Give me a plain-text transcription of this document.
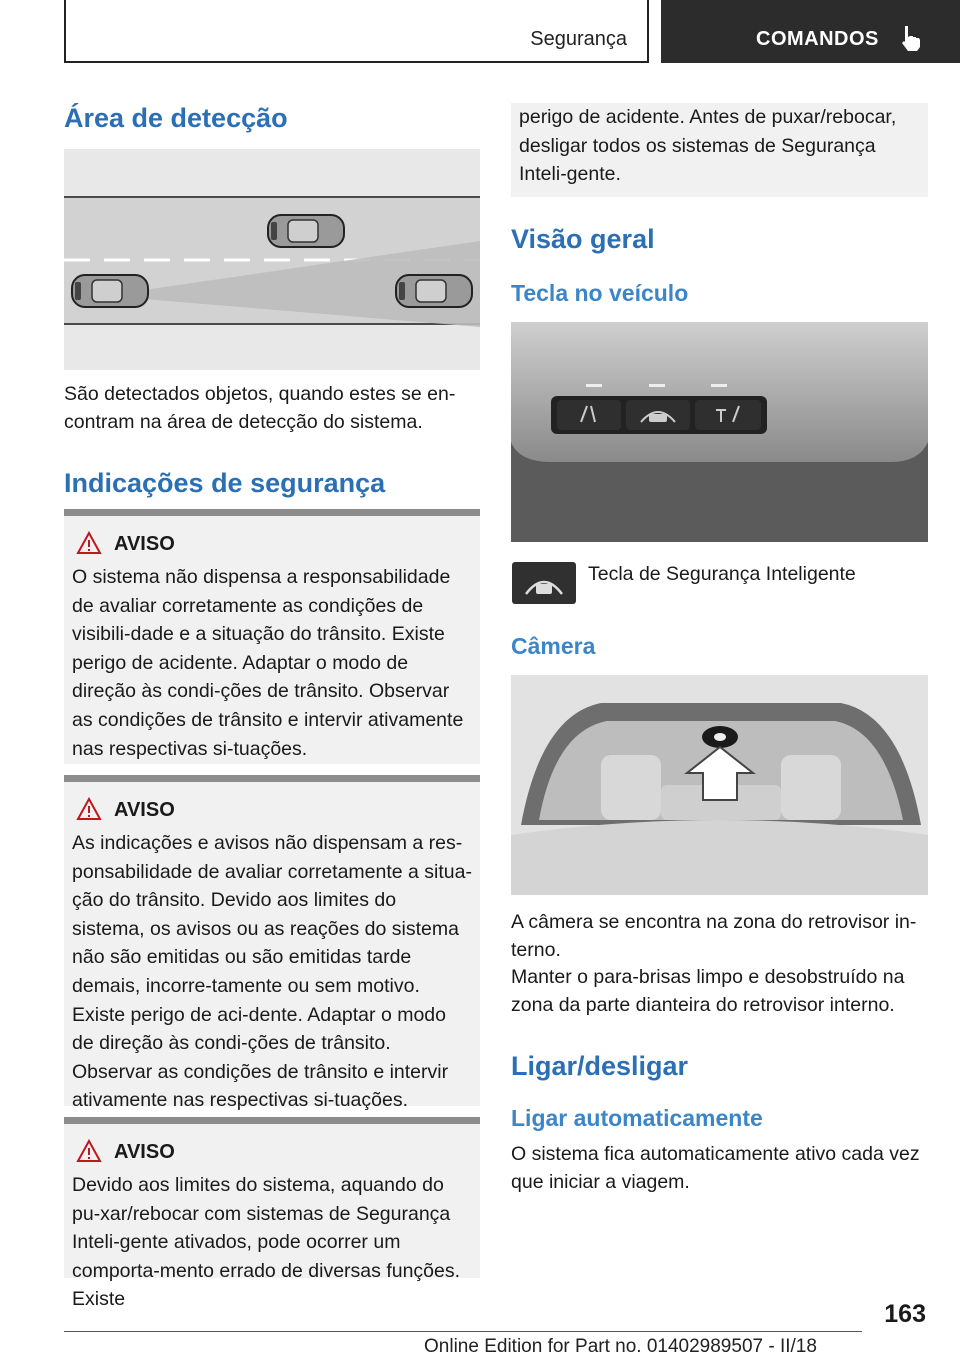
Segurança	COMANDOS
Área de detecção
São detectados objetos, quando estes se en-
contram na área de detecção do sistema.
Indicações de segurança
AVISO
O sistema não dispensa a responsabilidade de avaliar corretamente as condições de visibili-dade e a situação do trânsito. Existe perigo de acidente. Adaptar o modo de direção às condi-ções de trânsito. Observar as condições de trânsito e intervir ativamente nas respectivas si-tuações.
AVISO
As indicações e avisos não dispensam a res-ponsabilidade de avaliar corretamente a situa-ção do trânsito. Devido aos limites do sistema, os avisos ou as reações do sistema não são emitidas ou são emitidas tarde demais, incorre-tamente ou sem motivo. Existe perigo de aci-dente. Adaptar o modo de direção às condi-ções de trânsito. Observar as condições de trânsito e intervir ativamente nas respectivas si-tuações.
AVISO
Devido aos limites do sistema, aquando do pu-xar/rebocar com sistemas de Segurança Inteli-gente ativados, pode ocorrer um comporta-mento errado de diversas funções. Existe
perigo de acidente. Antes de puxar/rebocar, desligar todos os sistemas de Segurança Inteli-gente.
Visão geral
Tecla no veículo
Tecla de Segurança Inteligente
Câmera
A câmera se encontra na zona do retrovisor in-terno.
Manter o para-brisas limpo e desobstruído na zona da parte dianteira do retrovisor interno.
Ligar/desligar
Ligar automaticamente
O sistema fica automaticamente ativo cada vez que iniciar a viagem.
163
Online Edition for Part no. 01402989507 - II/18
